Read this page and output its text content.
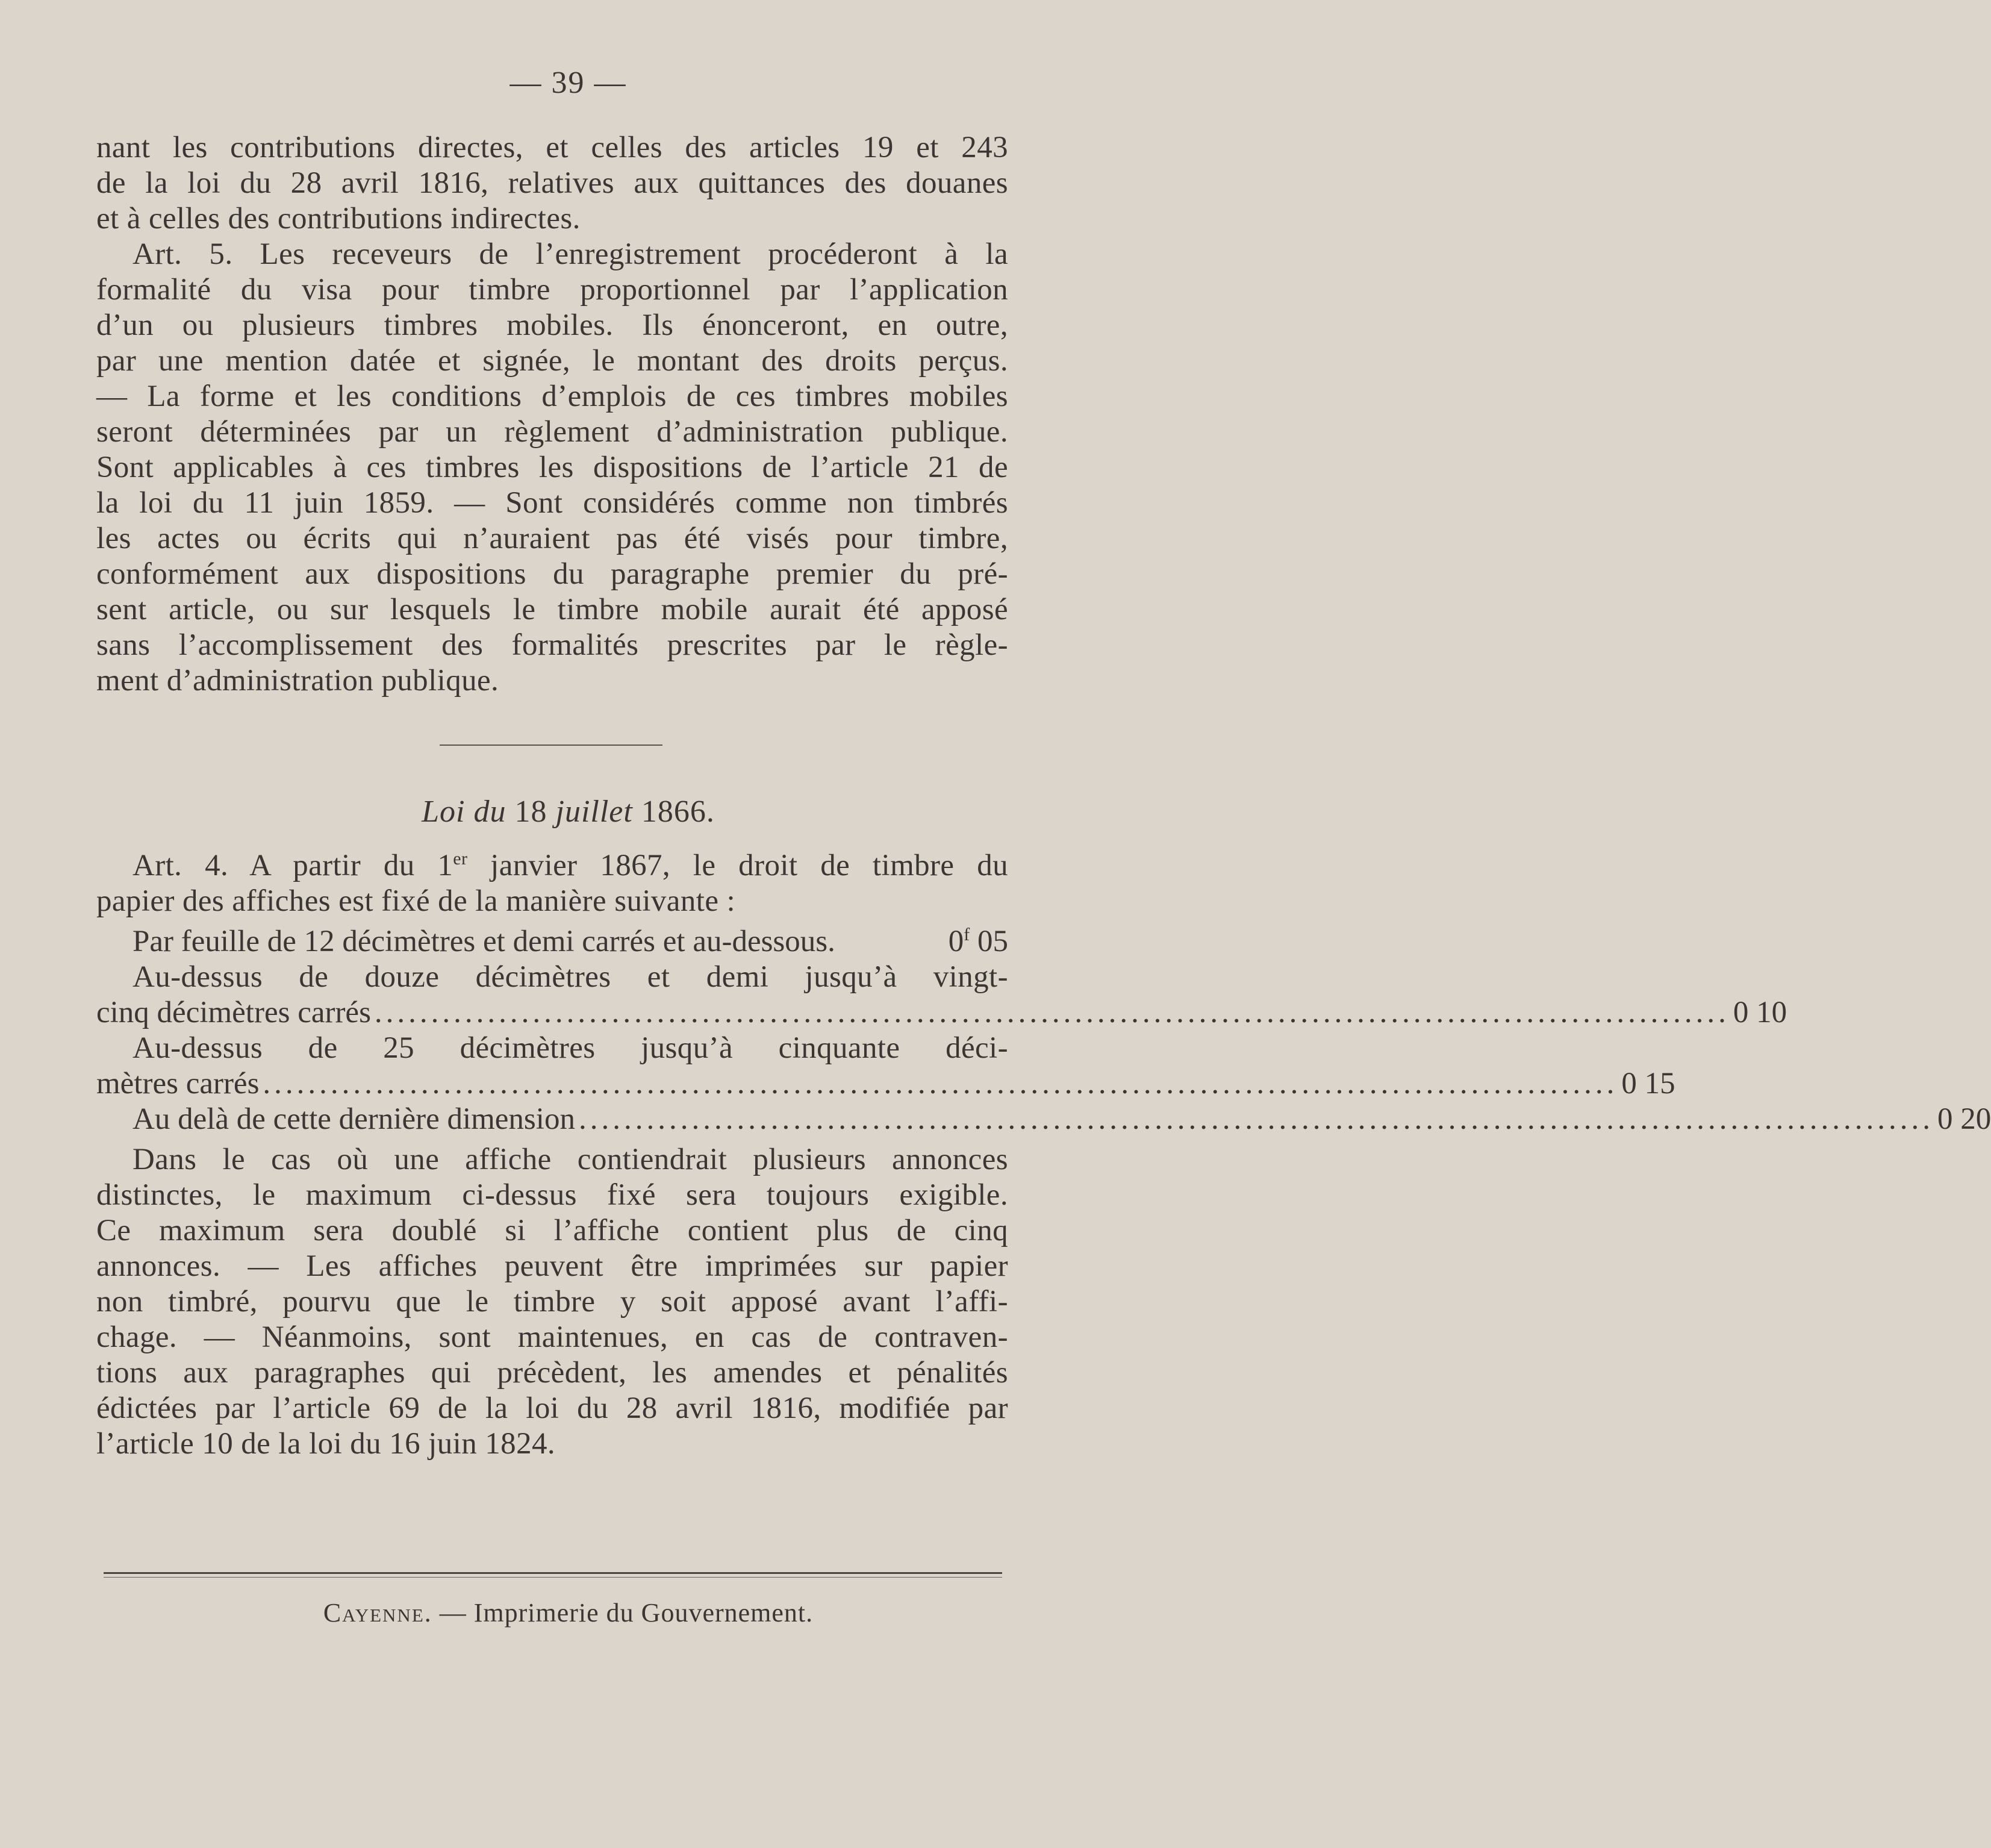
— 39 —
nant les contributions directes, et celles des articles 19 et 243
de la loi du 28 avril 1816, relatives aux quittances des douanes
et à celles des contributions indirectes.
Art. 5. Les receveurs de l’enregistrement procéderont à la
formalité du visa pour timbre proportionnel par l’application
d’un ou plusieurs timbres mobiles. Ils énonceront, en outre,
par une mention datée et signée, le montant des droits perçus.
— La forme et les conditions d’emplois de ces timbres mobiles
seront déterminées par un règlement d’administration publique.
Sont applicables à ces timbres les dispositions de l’article 21 de
la loi du 11 juin 1859. — Sont considérés comme non timbrés
les actes ou écrits qui n’auraient pas été visés pour timbre,
conformément aux dispositions du paragraphe premier du pré-
sent article, ou sur lesquels le timbre mobile aurait été apposé
sans l’accomplissement des formalités prescrites par le règle-
ment d’administration publique.
Loi du 18 juillet 1866.
Art. 4. A partir du 1er janvier 1867, le droit de timbre du
papier des affiches est fixé de la manière suivante :
Par feuille de 12 décimètres et demi carrés et au-dessous.	0$^f$ 05
Au-dessus de douze décimètres et demi jusqu’à vingt-
cinq décimètres carrés ........................................................................................................................ 0 10
Au-dessus de 25 décimètres jusqu’à cinquante déci-
mètres carrés ........................................................................................................................ 0 15
Au delà de cette dernière dimension ........................................................................................................................ 0 20
Dans le cas où une affiche contiendrait plusieurs annonces
distinctes, le maximum ci-dessus fixé sera toujours exigible.
Ce maximum sera doublé si l’affiche contient plus de cinq
annonces. — Les affiches peuvent être imprimées sur papier
non timbré, pourvu que le timbre y soit apposé avant l’affi-
chage. — Néanmoins, sont maintenues, en cas de contraven-
tions aux paragraphes qui précèdent, les amendes et pénalités
édictées par l’article 69 de la loi du 28 avril 1816, modifiée par
l’article 10 de la loi du 16 juin 1824.
Cayenne. — Imprimerie du Gouvernement.
